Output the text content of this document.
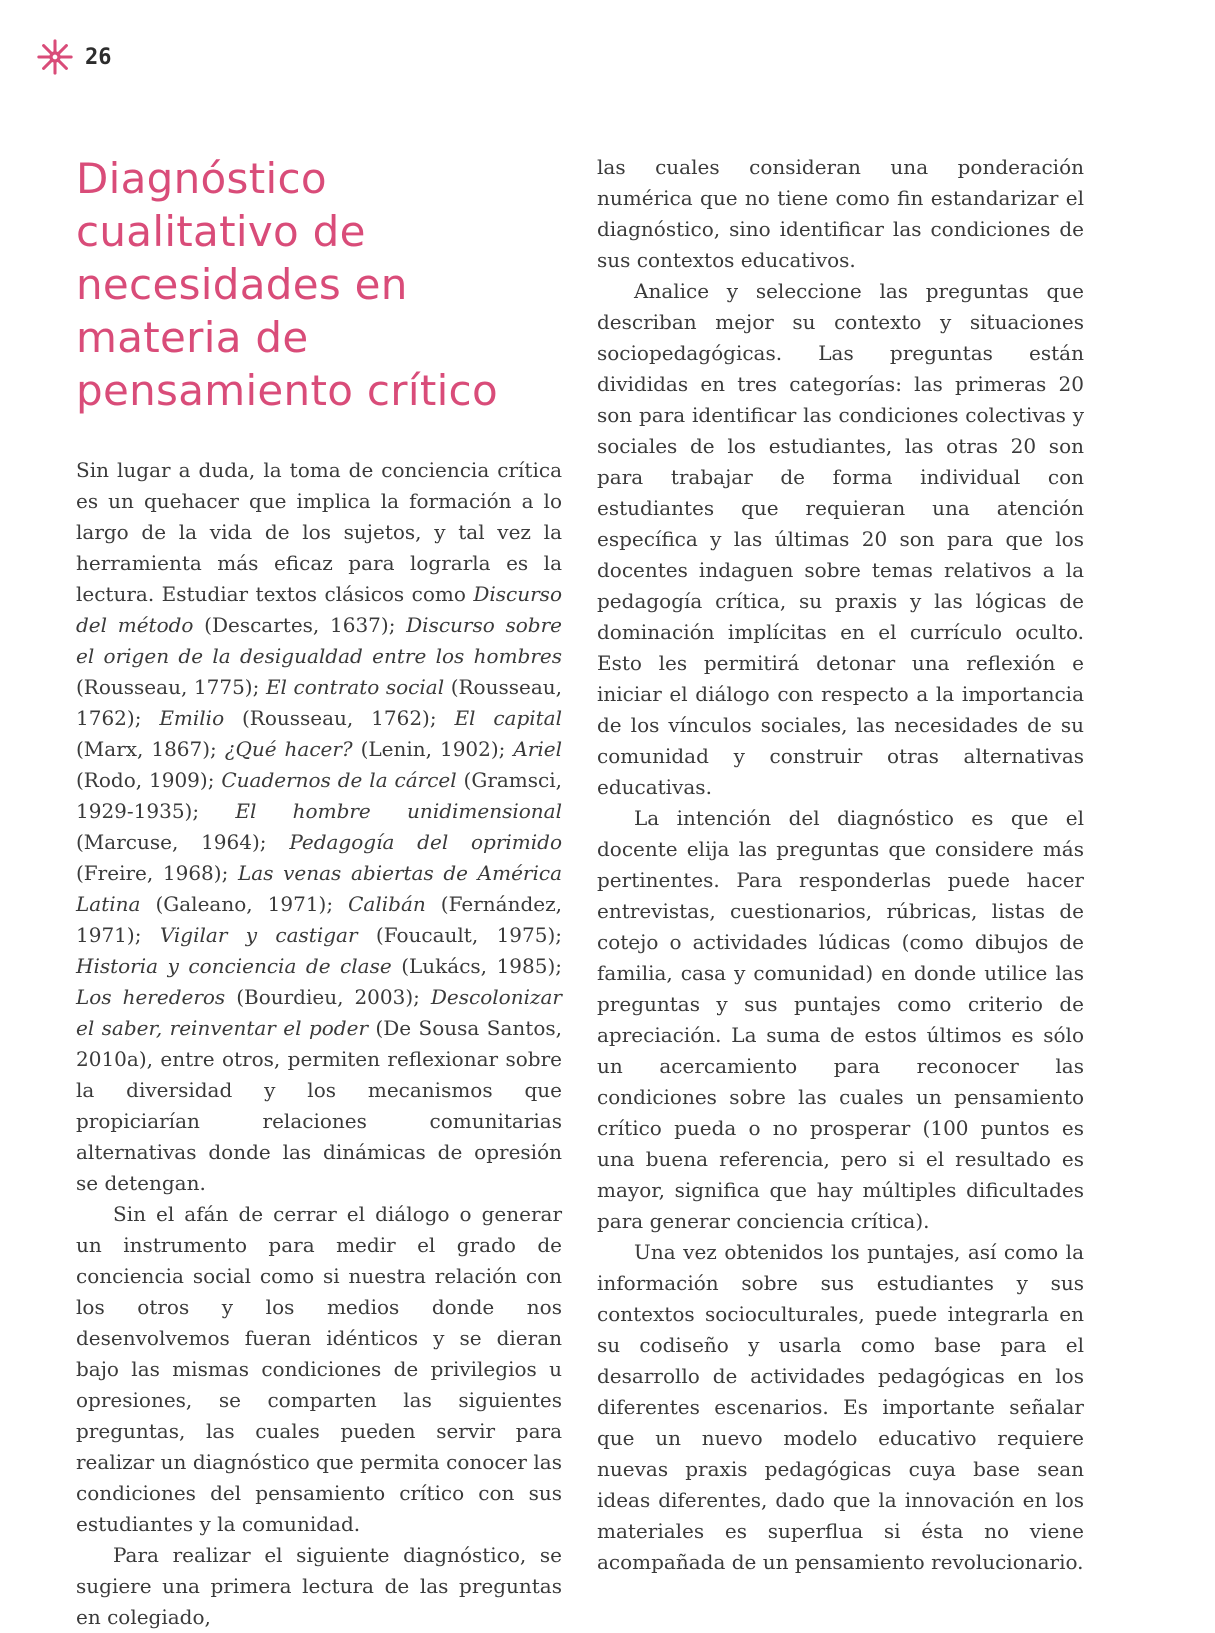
26
Diagnóstico cualitativo de necesidades en materia de pensamiento crítico

Sin lugar a duda, la toma de conciencia crítica es un quehacer que implica la formación a lo largo de la vida de los sujetos, y tal vez la herramienta más eficaz para lograrla es la lectura. Estudiar textos clásicos como Discurso del método (Descartes, 1637); Discurso sobre el origen de la desigualdad entre los hombres (Rousseau, 1775); El contrato social (Rousseau, 1762); Emilio (Rousseau, 1762); El capital (Marx, 1867); ¿Qué hacer? (Lenin, 1902); Ariel (Rodo, 1909); Cuadernos de la cárcel (Gramsci, 1929-1935); El hombre unidimensional (Marcuse, 1964); Pedagogía del oprimido (Freire, 1968); Las venas abiertas de América Latina (Galeano, 1971); Calibán (Fernández, 1971); Vigilar y castigar (Foucault, 1975); Historia y conciencia de clase (Lukács, 1985); Los herederos (Bourdieu, 2003); Descolonizar el saber, reinventar el poder (De Sousa Santos, 2010a), entre otros, permiten reflexionar sobre la diversidad y los mecanismos que propiciarían relaciones comunitarias alternativas donde las dinámicas de opresión se detengan.

Sin el afán de cerrar el diálogo o generar un instrumento para medir el grado de conciencia social como si nuestra relación con los otros y los medios donde nos desenvolvemos fueran idénticos y se dieran bajo las mismas condiciones de privilegios u opresiones, se comparten las siguientes preguntas, las cuales pueden servir para realizar un diagnóstico que permita conocer las condiciones del pensamiento crítico con sus estudiantes y la comunidad.

Para realizar el siguiente diagnóstico, se sugiere una primera lectura de las preguntas en colegiado,

las cuales consideran una ponderación numérica que no tiene como fin estandarizar el diagnóstico, sino identificar las condiciones de sus contextos educativos.

Analice y seleccione las preguntas que describan mejor su contexto y situaciones sociopedagógicas. Las preguntas están divididas en tres categorías: las primeras 20 son para identificar las condiciones colectivas y sociales de los estudiantes, las otras 20 son para trabajar de forma individual con estudiantes que requieran una atención específica y las últimas 20 son para que los docentes indaguen sobre temas relativos a la pedagogía crítica, su praxis y las lógicas de dominación implícitas en el currículo oculto. Esto les permitirá detonar una reflexión e iniciar el diálogo con respecto a la importancia de los vínculos sociales, las necesidades de su comunidad y construir otras alternativas educativas.

La intención del diagnóstico es que el docente elija las preguntas que considere más pertinentes. Para responderlas puede hacer entrevistas, cuestionarios, rúbricas, listas de cotejo o actividades lúdicas (como dibujos de familia, casa y comunidad) en donde utilice las preguntas y sus puntajes como criterio de apreciación. La suma de estos últimos es sólo un acercamiento para reconocer las condiciones sobre las cuales un pensamiento crítico pueda o no prosperar (100 puntos es una buena referencia, pero si el resultado es mayor, significa que hay múltiples dificultades para generar conciencia crítica).

Una vez obtenidos los puntajes, así como la información sobre sus estudiantes y sus contextos socioculturales, puede integrarla en su codiseño y usarla como base para el desarrollo de actividades pedagógicas en los diferentes escenarios. Es importante señalar que un nuevo modelo educativo requiere nuevas praxis pedagógicas cuya base sean ideas diferentes, dado que la innovación en los materiales es superflua si ésta no viene acompañada de un pensamiento revolucionario.
